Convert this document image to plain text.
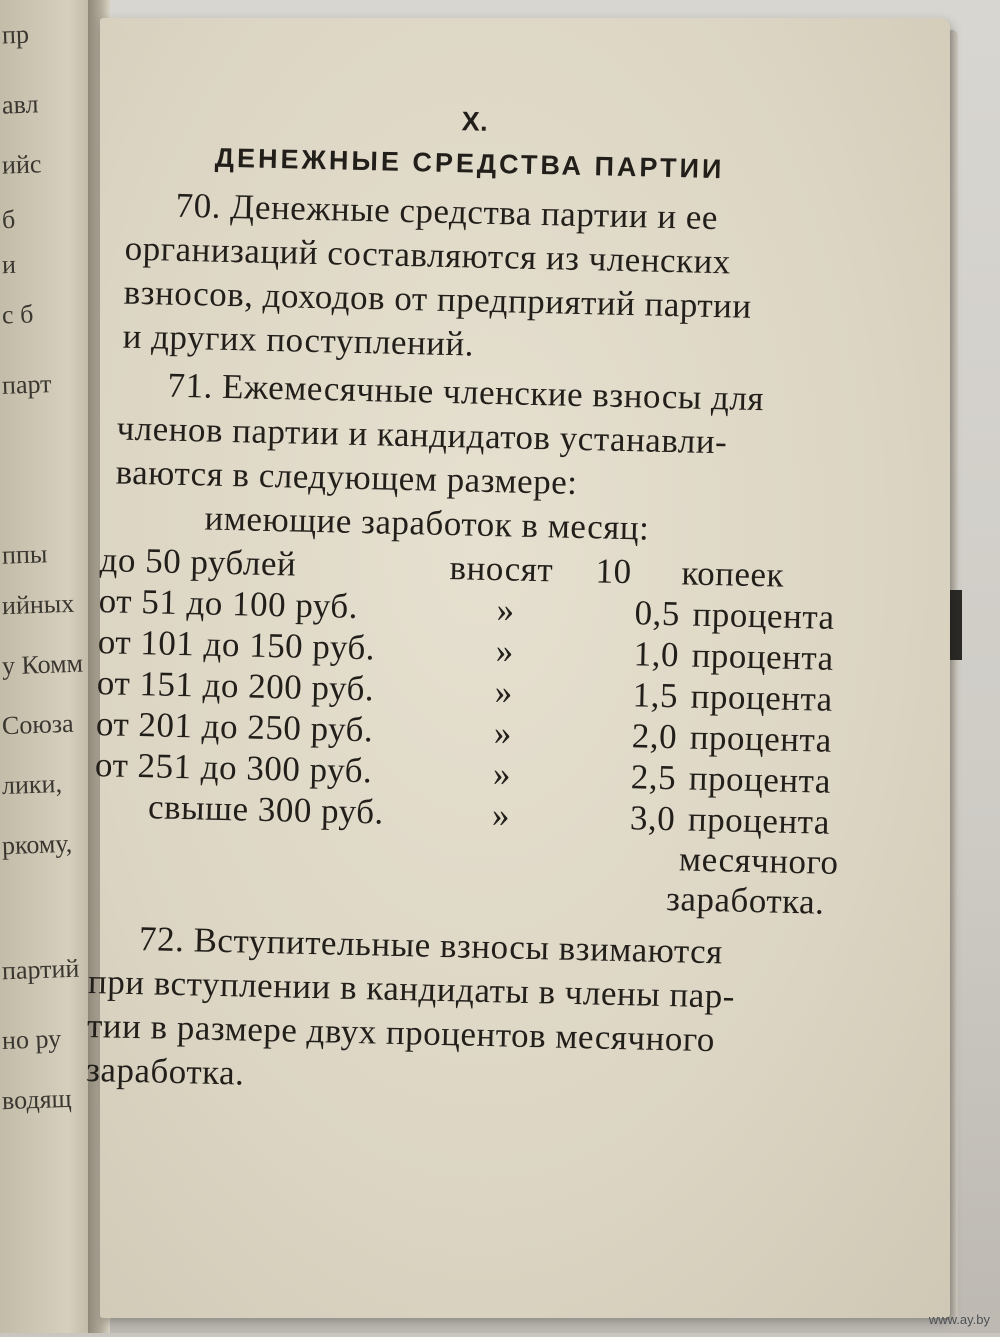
пр
авл
ийс
б
и
с б
парт
ппы
ийных
у Комм
Союза
лики,
ркому,
партий
но ру
водящ
X.
ДЕНЕЖНЫЕ СРЕДСТВА ПАРТИИ
70. Денежные средства партии и ее
организаций составляются из членских
взносов, доходов от предприятий партии
и других поступлений.
71. Ежемесячные членские взносы для
членов партии и кандидатов устанавли-
ваются в следующем размере:
имеющие заработок в месяц:
до 50 рублей	вносят 10 копеек
от 51 до 100 руб.	»	0,5 процента
от 101 до 150 руб.	»	1,0 процента
от 151 до 200 руб.	»	1,5 процента
от 201 до 250 руб.	»	2,0 процента
от 251 до 300 руб.	»	2,5 процента
свыше 300 руб.	»	3,0 процента
месячного
заработка.
72. Вступительные взносы взимаются
при вступлении в кандидаты в члены пар-
тии в размере двух процентов месячного
заработка.
www.ay.by
